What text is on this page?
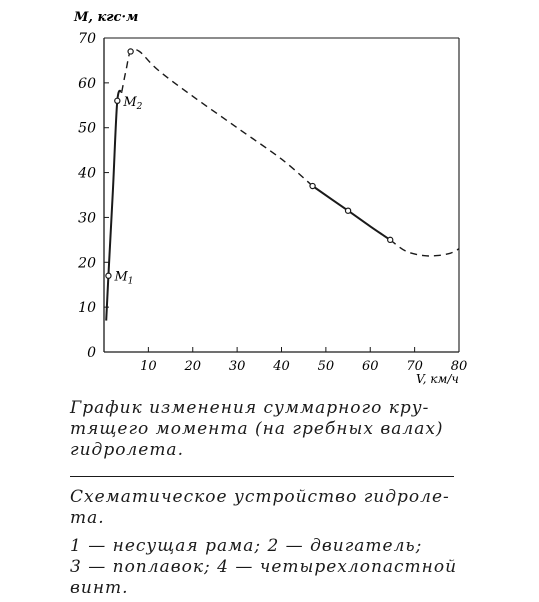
0
10
20
30
40
50
60
70
10 20 30 40 50 60 70 80
$M_1$
$M_2$
M, кгс·м
V, км/ч
График изменения суммарного кру-
тящего момента (на гребных валах)
гидролета.
Схематическое устройство гидроле-
та.
1 — несущая рама; 2 — двигатель;
3 — поплавок; 4 — четырехлопастной
винт.
